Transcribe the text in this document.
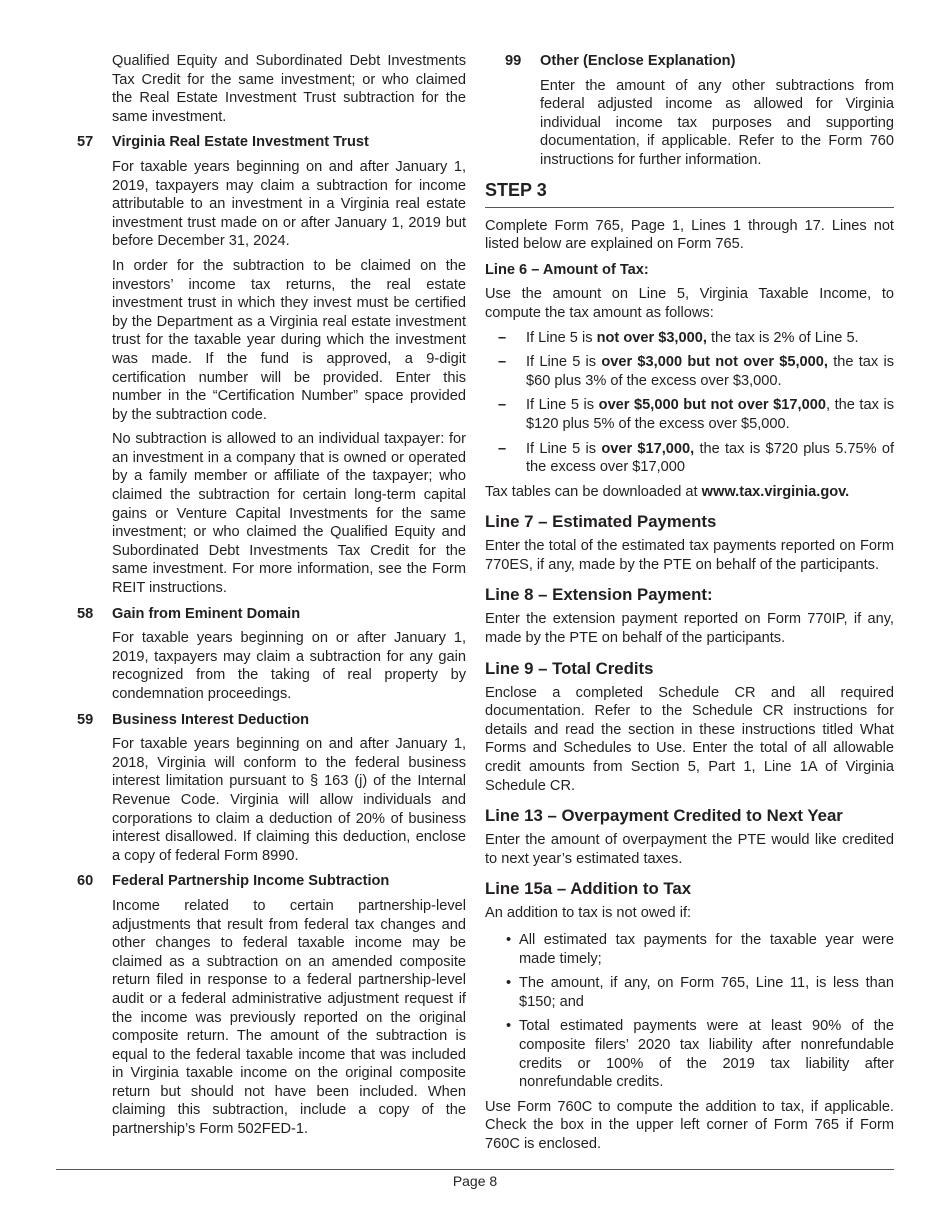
Qualified Equity and Subordinated Debt Investments Tax Credit for the same investment; or who claimed the Real Estate Investment Trust subtraction for the same investment.

57	Virginia Real Estate Investment Trust

For taxable years beginning on and after January 1, 2019, taxpayers may claim a subtraction for income attributable to an investment in a Virginia real estate investment trust made on or after January 1, 2019 but before December 31, 2024.

In order for the subtraction to be claimed on the investors’ income tax returns, the real estate investment trust in which they invest must be certified by the Department as a Virginia real estate investment trust for the taxable year during which the investment was made. If the fund is approved, a 9-digit certification number will be provided. Enter this number in the “Certification Number” space provided by the subtraction code.

No subtraction is allowed to an individual taxpayer: for an investment in a company that is owned or operated by a family member or affiliate of the taxpayer; who claimed the subtraction for certain long-term capital gains or Venture Capital Investments for the same investment; or who claimed the Qualified Equity and Subordinated Debt Investments Tax Credit for the same investment. For more information, see the Form REIT instructions.

58	Gain from Eminent Domain

For taxable years beginning on or after January 1, 2019, taxpayers may claim a subtraction for any gain recognized from the taking of real property by condemnation proceedings.

59	Business Interest Deduction

For taxable years beginning on and after January 1, 2018, Virginia will conform to the federal business interest limitation pursuant to § 163 (j) of the Internal Revenue Code. Virginia will allow individuals and corporations to claim a deduction of 20% of business interest disallowed. If claiming this deduction, enclose a copy of federal Form 8990.

60	Federal Partnership Income Subtraction

Income related to certain partnership-level adjustments that result from federal tax changes and other changes to federal taxable income may be claimed as a subtraction on an amended composite return filed in response to a federal partnership-level audit or a federal administrative adjustment request if the income was previously reported on the original composite return. The amount of the subtraction is equal to the federal taxable income that was included in Virginia taxable income on the original composite return but should not have been included. When claiming this subtraction, include a copy of the partnership’s Form 502FED-1.

99	Other (Enclose Explanation)

Enter the amount of any other subtractions from federal adjusted income as allowed for Virginia individual income tax purposes and supporting documentation, if applicable. Refer to the Form 760 instructions for further information.

STEP 3

Complete Form 765, Page 1, Lines 1 through 17. Lines not listed below are explained on Form 765.

Line 6 – Amount of Tax:

Use the amount on Line 5, Virginia Taxable Income, to compute the tax amount as follows:

–	If Line 5 is not over $3,000, the tax is 2% of Line 5.
–	If Line 5 is over $3,000 but not over $5,000, the tax is $60 plus 3% of the excess over $3,000.
–	If Line 5 is over $5,000 but not over $17,000, the tax is $120 plus 5% of the excess over $5,000.
–	If Line 5 is over $17,000, the tax is $720 plus 5.75% of the excess over $17,000

Tax tables can be downloaded at www.tax.virginia.gov.

Line 7 – Estimated Payments

Enter the total of the estimated tax payments reported on Form 770ES, if any, made by the PTE on behalf of the participants.

Line 8 – Extension Payment:

Enter the extension payment reported on Form 770IP, if any, made by the PTE on behalf of the participants.

Line 9 – Total Credits

Enclose a completed Schedule CR and all required documentation. Refer to the Schedule CR instructions for details and read the section in these instructions titled What Forms and Schedules to Use. Enter the total of all allowable credit amounts from Section 5, Part 1, Line 1A of Virginia Schedule CR.

Line 13 – Overpayment Credited to Next Year

Enter the amount of overpayment the PTE would like credited to next year’s estimated taxes.

Line 15a – Addition to Tax

An addition to tax is not owed if:

• All estimated tax payments for the taxable year were made timely;
• The amount, if any, on Form 765, Line 11, is less than $150; and
• Total estimated payments were at least 90% of the composite filers’ 2020 tax liability after nonrefundable credits or 100% of the 2019 tax liability after nonrefundable credits.

Use Form 760C to compute the addition to tax, if applicable. Check the box in the upper left corner of Form 765 if Form 760C is enclosed.

Page 8
